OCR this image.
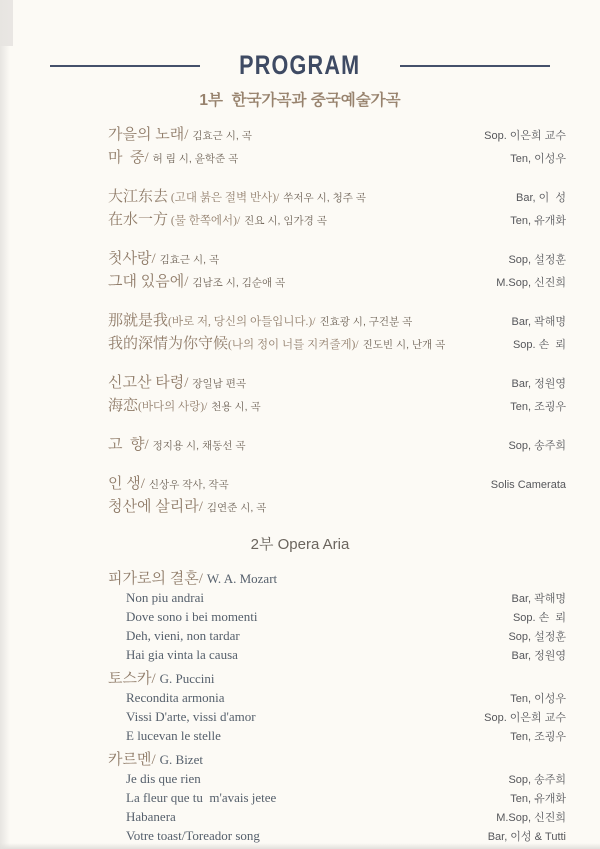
PROGRAM
1부  한국가곡과 중국예술가곡
가을의 노래/ 김효근 시, 곡	Sop. 이은희 교수
마  중/ 허 림 시, 윤학준 곡	Ten, 이성우
大江东去 (고대 붉은 절벽 반사)/ 쑤저우 시, 청주 곡	Bar, 이  성
在水一方 (물 한쪽에서)/ 진요 시, 임가경 곡	Ten, 유개화
첫사랑/ 김효근 시, 곡	Sop, 설정훈
그대 있음에/ 김남조 시, 김순애 곡	M.Sop, 신진희
那就是我(바로 저, 당신의 아들입니다.)/ 진효광 시, 구건분 곡	Bar, 곽해명
我的深情为你守候(나의 정이 너를 지켜줄게)/ 진도빈 시, 난개 곡	Sop. 손  뢰
신고산 타령/ 장일남 편곡	Bar, 정원영
海恋(바다의 사랑)/ 천용 시, 곡	Ten, 조굉우
고  향/ 정지용 시, 채동선 곡	Sop, 송주희
인 생/ 신상우 작사, 작곡	Solis Camerata
청산에 살리라/ 김연준 시, 곡
2부 Opera Aria
피가로의 결혼/ W. A. Mozart
Non piu andrai	Bar, 곽해명
Dove sono i bei momenti	Sop. 손  뢰
Deh, vieni, non tardar	Sop, 설정훈
Hai gia vinta la causa	Bar, 정원영
토스카/ G. Puccini
Recondita armonia	Ten, 이성우
Vissi D'arte, vissi d'amor	Sop. 이은희 교수
E lucevan le stelle	Ten, 조굉우
카르멘/ G. Bizet
Je dis que rien	Sop, 송주희
La fleur que tu  m'avais jetee	Ten, 유개화
Habanera	M.Sop, 신진희
Votre toast/Toreador song	Bar, 이성 & Tutti
